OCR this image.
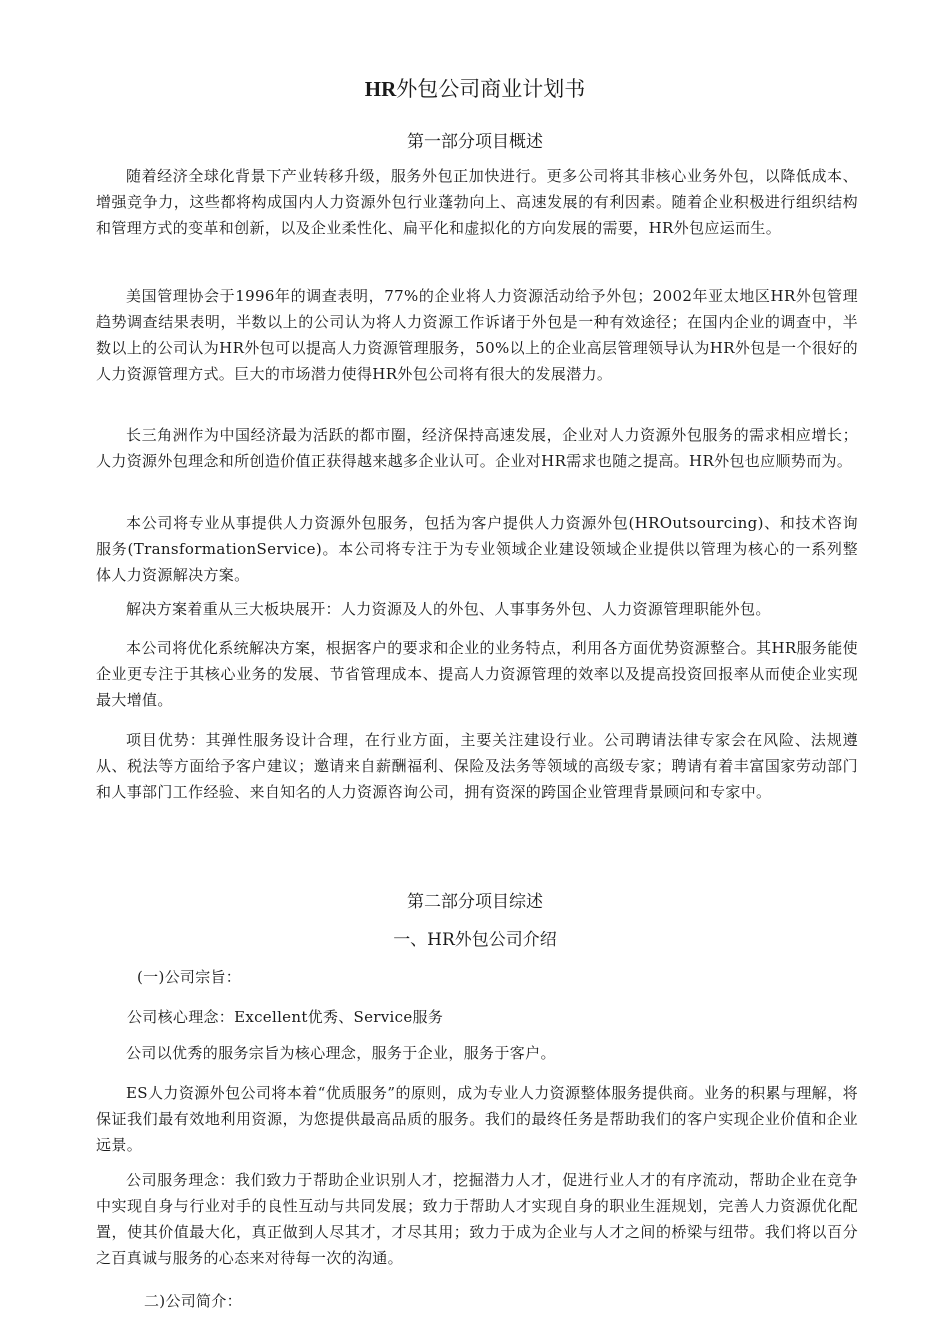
HR外包公司商业计划书
第一部分项目概述

随着经济全球化背景下产业转移升级，服务外包正加快进行。更多公司将其非核心业务外包，以降低成本、增强竞争力，这些都将构成国内人力资源外包行业蓬勃向上、高速发展的有利因素。随着企业积极进行组织结构和管理方式的变革和创新，以及企业柔性化、扁平化和虚拟化的方向发展的需要，HR外包应运而生。

美国管理协会于1996年的调查表明，77%的企业将人力资源活动给予外包；2002年亚太地区HR外包管理趋势调查结果表明，半数以上的公司认为将人力资源工作诉诸于外包是一种有效途径；在国内企业的调查中，半数以上的公司认为HR外包可以提高人力资源管理服务，50%以上的企业高层管理领导认为HR外包是一个很好的人力资源管理方式。巨大的市场潜力使得HR外包公司将有很大的发展潜力。

长三角洲作为中国经济最为活跃的都市圈，经济保持高速发展，企业对人力资源外包服务的需求相应增长；人力资源外包理念和所创造价值正获得越来越多企业认可。企业对HR需求也随之提高。HR外包也应顺势而为。

本公司将专业从事提供人力资源外包服务，包括为客户提供人力资源外包(HROutsourcing)、和技术咨询服务(TransformationService)。本公司将专注于为专业领域企业建设领域企业提供以管理为核心的一系列整体人力资源解决方案。

解决方案着重从三大板块展开：人力资源及人的外包、人事事务外包、人力资源管理职能外包。

本公司将优化系统解决方案，根据客户的要求和企业的业务特点，利用各方面优势资源整合。其HR服务能使企业更专注于其核心业务的发展、节省管理成本、提高人力资源管理的效率以及提高投资回报率从而使企业实现最大增值。

项目优势：其弹性服务设计合理，在行业方面，主要关注建设行业。公司聘请法律专家会在风险、法规遵从、税法等方面给予客户建议；邀请来自薪酬福利、保险及法务等领域的高级专家；聘请有着丰富国家劳动部门和人事部门工作经验、来自知名的人力资源咨询公司，拥有资深的跨国企业管理背景顾问和专家中。

第二部分项目综述
一、HR外包公司介绍

(一)公司宗旨：

公司核心理念：Excellent优秀、Service服务

公司以优秀的服务宗旨为核心理念，服务于企业，服务于客户。

ES人力资源外包公司将本着“优质服务”的原则，成为专业人力资源整体服务提供商。业务的积累与理解，将保证我们最有效地利用资源，为您提供最高品质的服务。我们的最终任务是帮助我们的客户实现企业价值和企业远景。

公司服务理念：我们致力于帮助企业识别人才，挖掘潜力人才，促进行业人才的有序流动，帮助企业在竞争中实现自身与行业对手的良性互动与共同发展；致力于帮助人才实现自身的职业生涯规划，完善人力资源优化配置，使其价值最大化，真正做到人尽其才，才尽其用；致力于成为企业与人才之间的桥梁与纽带。我们将以百分之百真诚与服务的心态来对待每一次的沟通。

二)公司简介：
